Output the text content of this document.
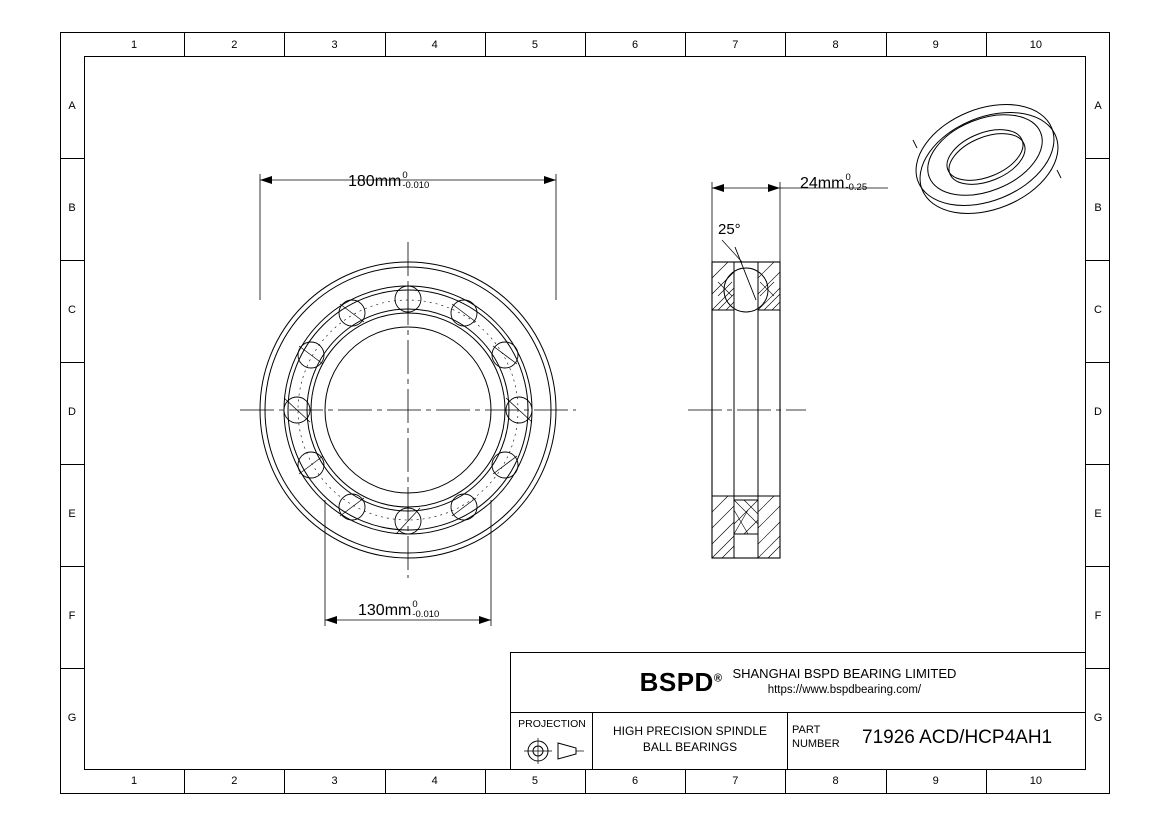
1
1
2
2
3
3
4
4
5
5
6
6
7
7
8
8
9
9
10
10
A	A
B	B
C	C
D	D
E	E
F	F
G	G
180mm 0
-0.010
130mm 0
-0.010
24mm 0
-0.25
25°
BSPD® SHANGHAI BSPD BEARING LIMITED
https://www.bspdbearing.com/
PROJECTION	HIGH PRECISION SPINDLE
BALL BEARINGS
PART
NUMBER	71926 ACD/HCP4AH1
